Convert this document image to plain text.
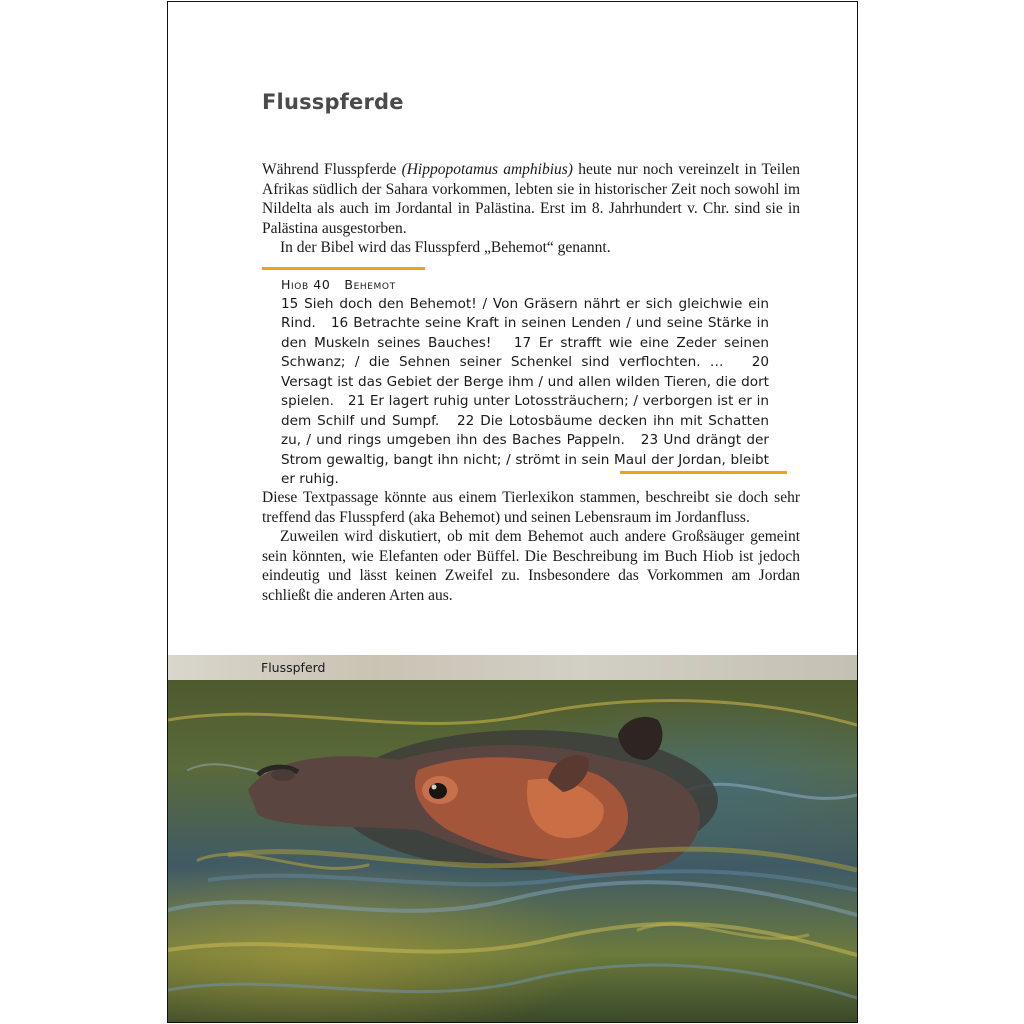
Flusspferde

Während Flusspferde (Hippopotamus amphibius) heute nur noch vereinzelt in Teilen Afrikas südlich der Sahara vorkommen, lebten sie in historischer Zeit noch sowohl im Nildelta als auch im Jordantal in Palästina. Erst im 8. Jahrhundert v. Chr. sind sie in Palästina ausgestorben.

In der Bibel wird das Flusspferd „Behemot“ genannt.

Hiob 40 Behemot
15 Sieh doch den Behemot! / Von Gräsern nährt er sich gleichwie ein Rind.   16 Betrachte seine Kraft in seinen Lenden / und seine Stärke in den Muskeln seines Bauches!   17 Er strafft wie eine Zeder seinen Schwanz; / die Sehnen seiner Schenkel sind verflochten. …   20 Versagt ist das Gebiet der Berge ihm / und allen wilden Tieren, die dort spielen.   21 Er lagert ruhig unter Lotossträuchern; / verborgen ist er in dem Schilf und Sumpf.   22 Die Lotosbäume decken ihn mit Schatten zu, / und rings umgeben ihn des Baches Pappeln.   23 Und drängt der Strom gewaltig, bangt ihn nicht; / strömt in sein Maul der Jordan, bleibt er ruhig.

Diese Textpassage könnte aus einem Tierlexikon stammen, beschreibt sie doch sehr treffend das Flusspferd (aka Behemot) und seinen Lebensraum im Jordanfluss.

Zuweilen wird diskutiert, ob mit dem Behemot auch andere Großsäuger gemeint sein könnten, wie Elefanten oder Büffel. Die Beschreibung im Buch Hiob ist jedoch eindeutig und lässt keinen Zweifel zu. Insbesondere das Vorkommen am Jordan schließt die anderen Arten aus.

Flusspferd
